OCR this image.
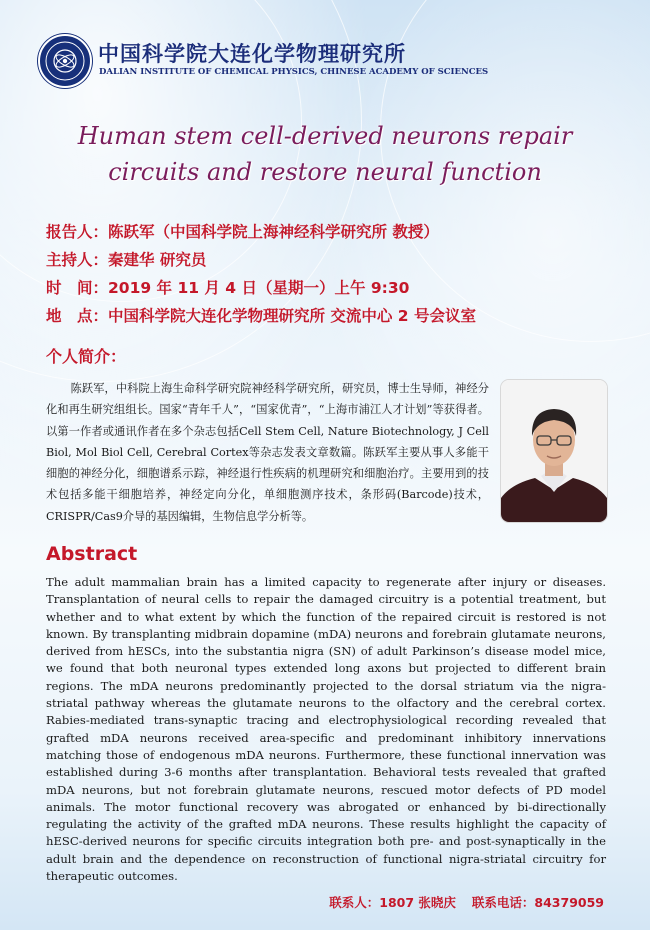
中国科学院大连化学物理研究所
DALIAN INSTITUTE OF CHEMICAL PHYSICS, CHINESE ACADEMY OF SCIENCES
Human stem cell-derived neurons repair
circuits and restore neural function
报告人：陈跃军（中国科学院上海神经科学研究所 教授）
主持人：秦建华 研究员
时　间：2019 年 11 月 4 日（星期一）上午 9:30
地　点：中国科学院大连化学物理研究所 交流中心 2 号会议室
个人简介：
陈跃军，中科院上海生命科学研究院神经科学研究所，研究员，博士生导师，神经分化和再生研究组组长。国家“青年千人”，“国家优青”，“上海市浦江人才计划”等获得者。以第一作者或通讯作者在多个杂志包括Cell Stem Cell, Nature Biotechnology, J Cell Biol, Mol Biol Cell, Cerebral Cortex等杂志发表文章数篇。陈跃军主要从事人多能干细胞的神经分化，细胞谱系示踪，神经退行性疾病的机理研究和细胞治疗。主要用到的技术包括多能干细胞培养，神经定向分化，单细胞测序技术，条形码(Barcode)技术，CRISPR/Cas9介导的基因编辑，生物信息学分析等。
Abstract
The adult mammalian brain has a limited capacity to regenerate after injury or diseases. Transplantation of neural cells to repair the damaged circuitry is a potential treatment, but whether and to what extent by which the function of the repaired circuit is restored is not known. By transplanting midbrain dopamine (mDA) neurons and forebrain glutamate neurons, derived from hESCs, into the substantia nigra (SN) of adult Parkinson’s disease model mice, we found that both neuronal types extended long axons but projected to different brain regions. The mDA neurons predominantly projected to the dorsal striatum via the nigra-striatal pathway whereas the glutamate neurons to the olfactory and the cerebral cortex. Rabies-mediated trans-synaptic tracing and electrophysiological recording revealed that grafted mDA neurons received area-specific and predominant inhibitory innervations matching those of endogenous mDA neurons. Furthermore, these functional innervation was established during 3-6 months after transplantation. Behavioral tests revealed that grafted mDA neurons, but not forebrain glutamate neurons, rescued motor defects of PD model animals. The motor functional recovery was abrogated or enhanced by bi-directionally regulating the activity of the grafted mDA neurons. These results highlight the capacity of hESC-derived neurons for specific circuits integration both pre- and post-synaptically in the adult brain and the dependence on reconstruction of functional nigra-striatal circuitry for therapeutic outcomes.
联系人：1807 张晓庆 联系电话：84379059
